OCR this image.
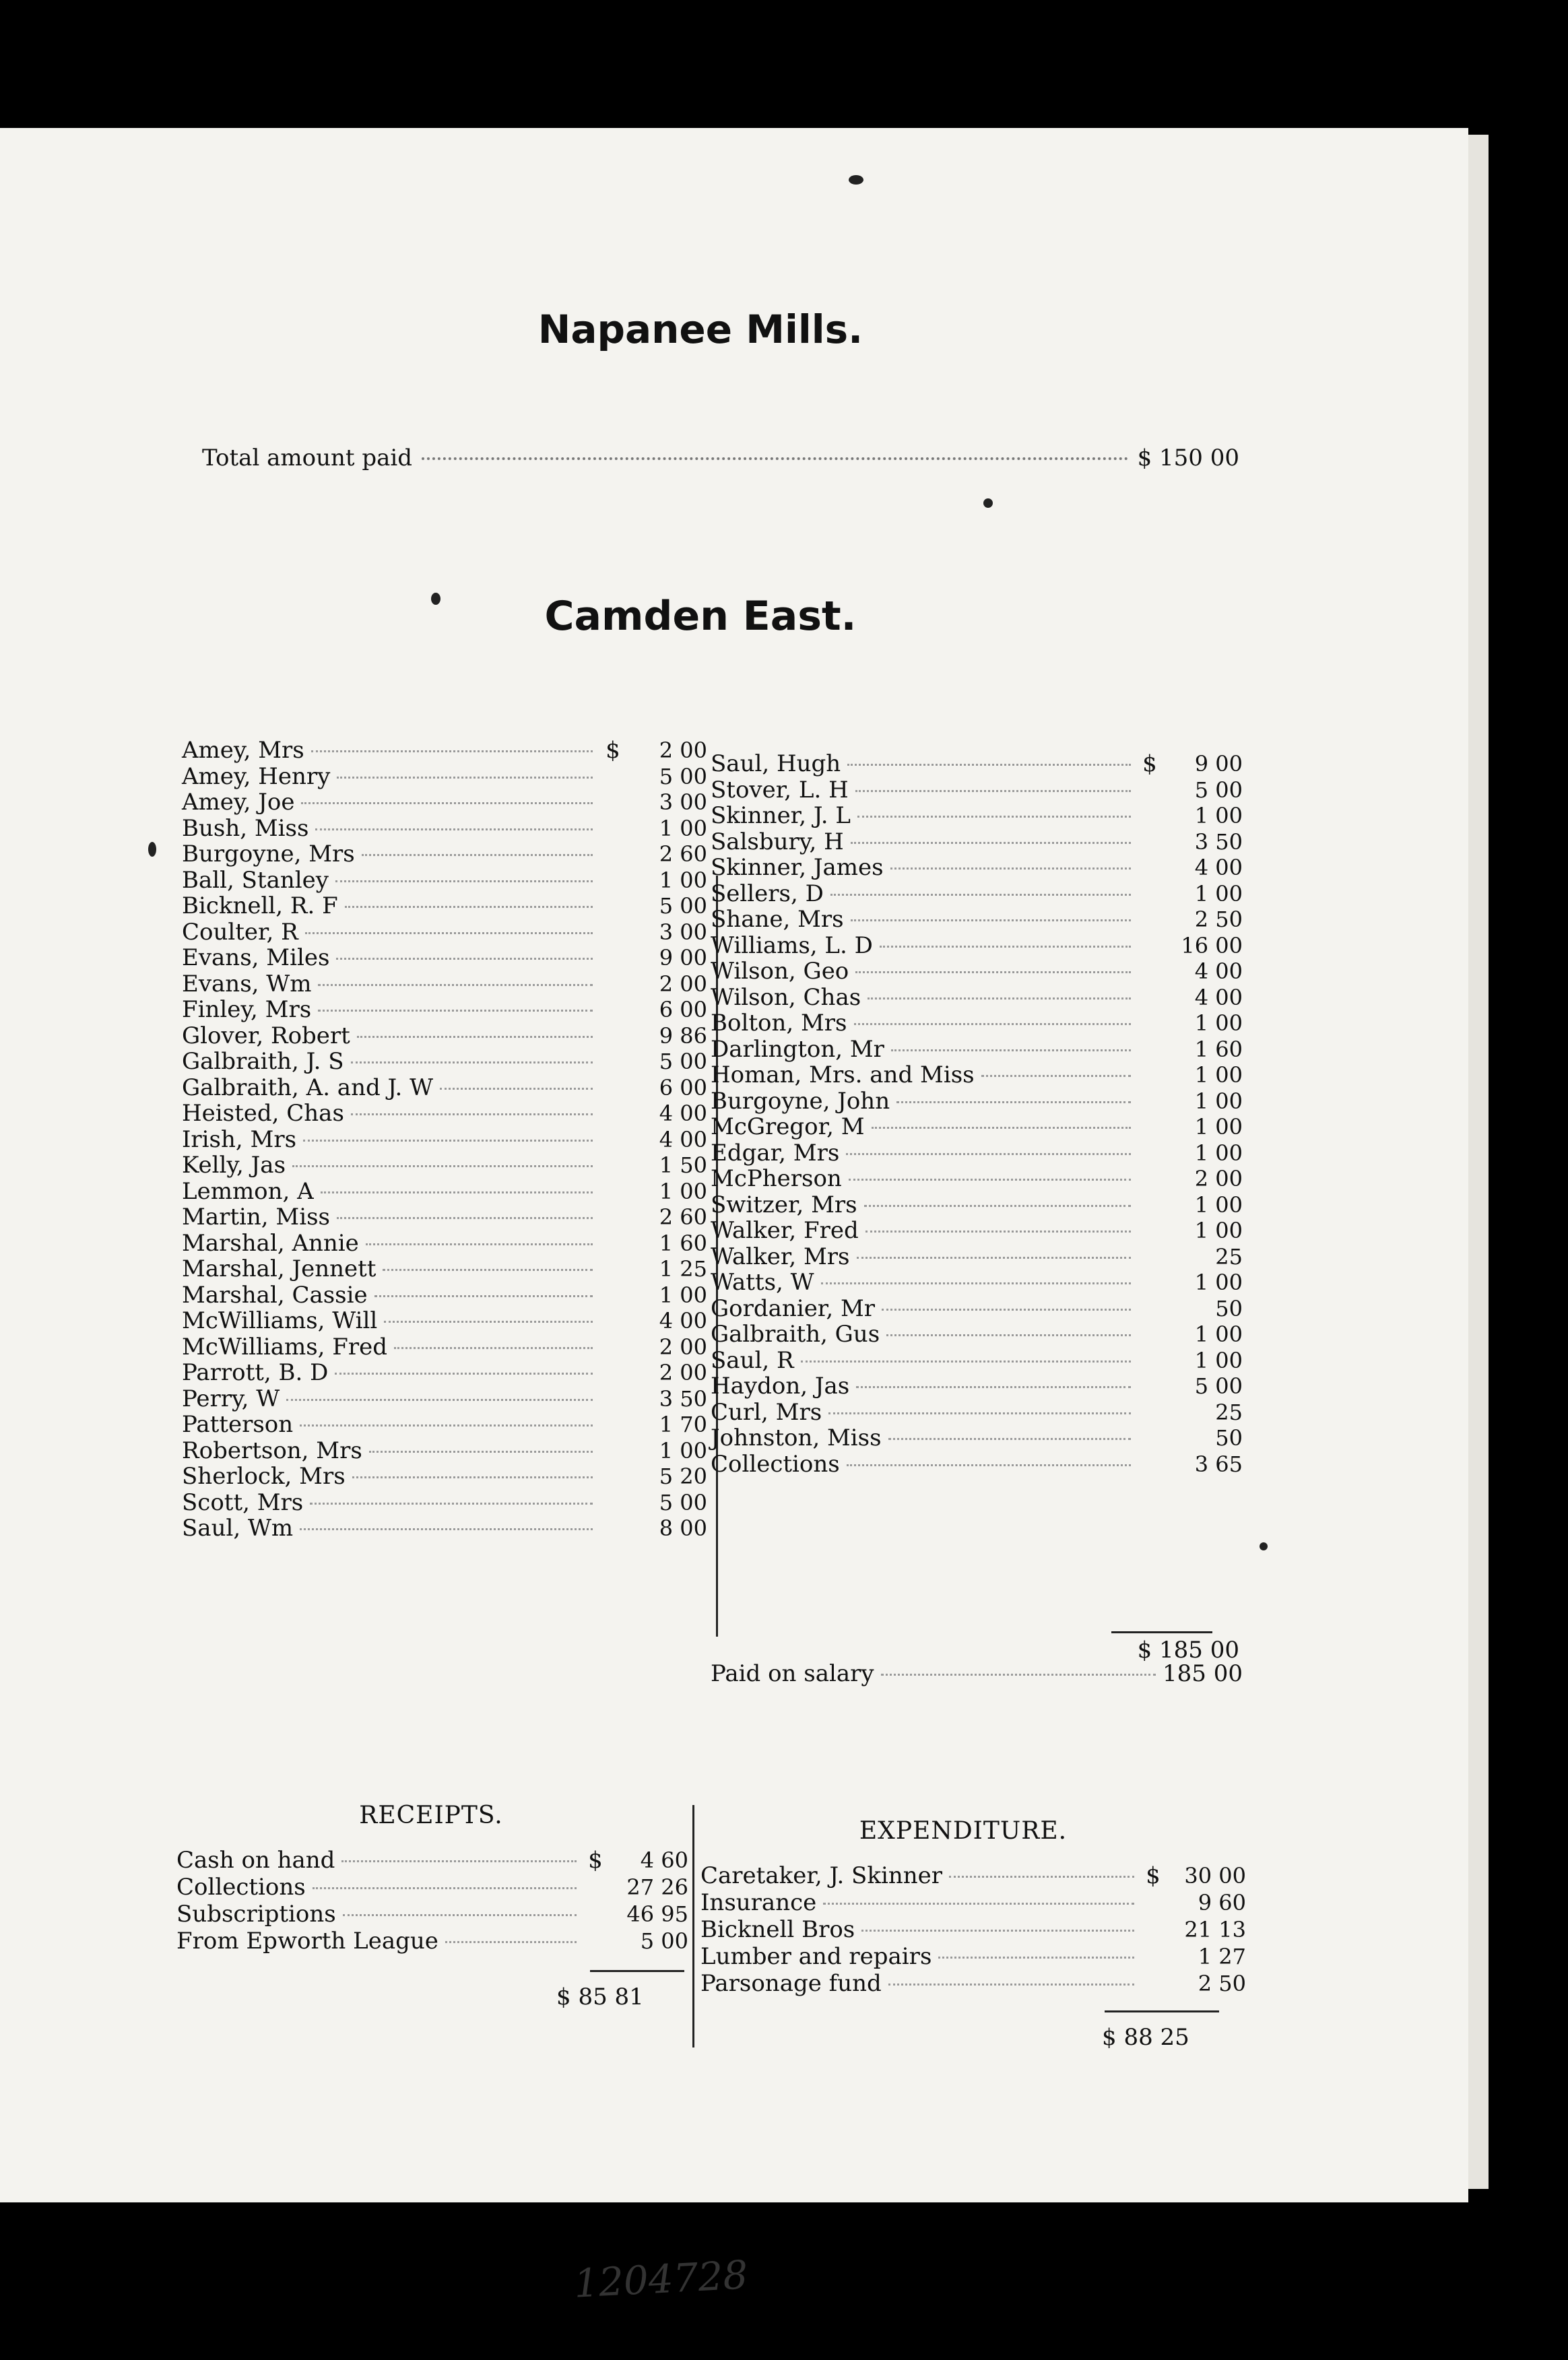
Napanee Mills.
Total amount paid	$ 150 00
Camden East.
Amey, Mrs	$	2 00
Amey, Henry	5 00
Amey, Joe	3 00
Bush, Miss	1 00
Burgoyne, Mrs	2 60
Ball, Stanley	1 00
Bicknell, R. F	5 00
Coulter, R	3 00
Evans, Miles	9 00
Evans, Wm	2 00
Finley, Mrs	6 00
Glover, Robert	9 86
Galbraith, J. S	5 00
Galbraith, A. and J. W	6 00
Heisted, Chas	4 00
Irish, Mrs	4 00
Kelly, Jas	1 50
Lemmon, A	1 00
Martin, Miss	2 60
Marshal, Annie	1 60
Marshal, Jennett	1 25
Marshal, Cassie	1 00
McWilliams, Will	4 00
McWilliams, Fred	2 00
Parrott, B. D	2 00
Perry, W	3 50
Patterson	1 70
Robertson, Mrs	1 00
Sherlock, Mrs	5 20
Scott, Mrs	5 00
Saul, Wm	8 00
Saul, Hugh	$	9 00
Stover, L. H	5 00
Skinner, J. L	1 00
Salsbury, H	3 50
Skinner, James	4 00
Sellers, D	1 00
Shane, Mrs	2 50
Williams, L. D	16 00
Wilson, Geo	4 00
Wilson, Chas	4 00
Bolton, Mrs	1 00
Darlington, Mr	1 60
Homan, Mrs. and Miss	1 00
Burgoyne, John	1 00
McGregor, M	1 00
Edgar, Mrs	1 00
McPherson	2 00
Switzer, Mrs	1 00
Walker, Fred	1 00
Walker, Mrs	25
Watts, W	1 00
Gordanier, Mr	50
Galbraith, Gus	1 00
Saul, R	1 00
Haydon, Jas	5 00
Curl, Mrs	25
Johnston, Miss	50
Collections	3 65
$ 185 00
Paid on salary	185 00
RECEIPTS.
EXPENDITURE.
Cash on hand	$	4 60
Collections	27 26
Subscriptions	46 95
From Epworth League	5 00
Caretaker, J. Skinner	$	30 00
Insurance	9 60
Bicknell Bros	21 13
Lumber and repairs	1 27
Parsonage fund	2 50
$ 85 81
$ 88 25
1204728
